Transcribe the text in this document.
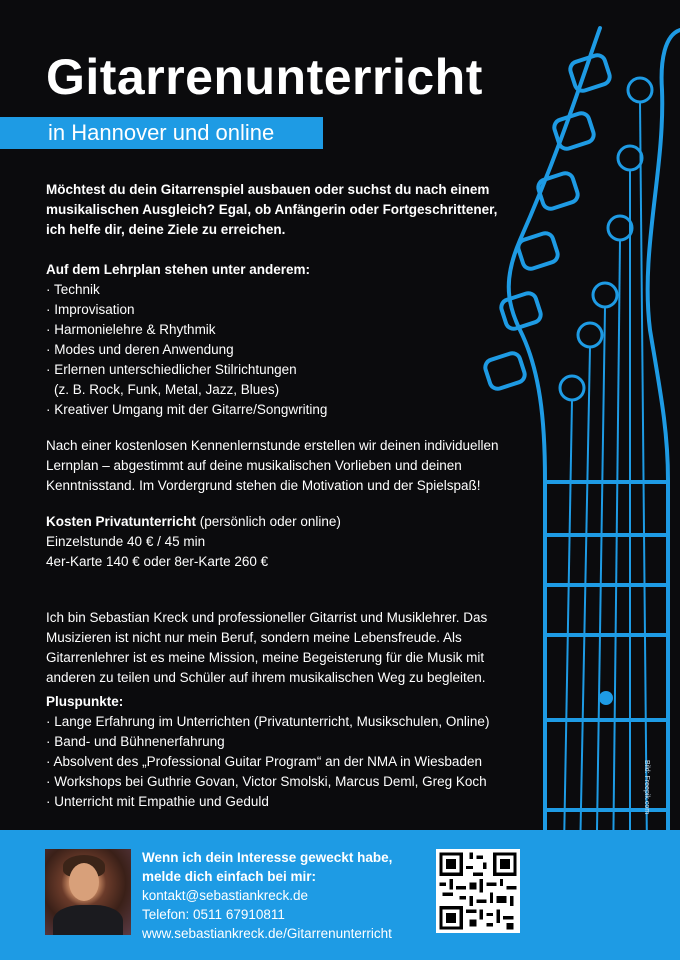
Gitarrenunterricht
in Hannover und online

Möchtest du dein Gitarrenspiel ausbauen oder suchst du nach einem musikalischen Ausgleich? Egal, ob Anfängerin oder Fortgeschrittener, ich helfe dir, deine Ziele zu erreichen.

Auf dem Lehrplan stehen unter anderem:

· Technik
· Improvisation
· Harmonielehre & Rhythmik
· Modes und deren Anwendung
· Erlernen unterschiedlicher Stilrichtungen
(z. B. Rock, Funk, Metal, Jazz, Blues)
· Kreativer Umgang mit der Gitarre/Songwriting

Nach einer kostenlosen Kennenlernstunde erstellen wir deinen individuellen Lernplan – abgestimmt auf deine musikalischen Vorlieben und deinen Kenntnisstand. Im Vordergrund stehen die Motivation und der Spielspaß!

Kosten Privatunterricht (persönlich oder online)

Einzelstunde 40 € / 45 min

4er-Karte 140 € oder 8er-Karte 260 €

Ich bin Sebastian Kreck und professioneller Gitarrist und Musiklehrer. Das Musizieren ist nicht nur mein Beruf, sondern meine Lebensfreude. Als Gitarrenlehrer ist es meine Mission, meine Begeisterung für die Musik mit anderen zu teilen und Schüler auf ihrem musikalischen Weg zu begleiten.

Pluspunkte:

· Lange Erfahrung im Unterrichten (Privatunterricht, Musikschulen, Online)
· Band- und Bühnenerfahrung
· Absolvent des „Professional Guitar Program“ an der NMA in Wiesbaden
· Workshops bei Guthrie Govan, Victor Smolski, Marcus Deml, Greg Koch
· Unterricht mit Empathie und Geduld	Bild: Freepik.com
Wenn ich dein Interesse geweckt habe,
melde dich einfach bei mir:
kontakt@sebastiankreck.de
Telefon: 0511 67910811
www.sebastiankreck.de/Gitarrenunterricht
